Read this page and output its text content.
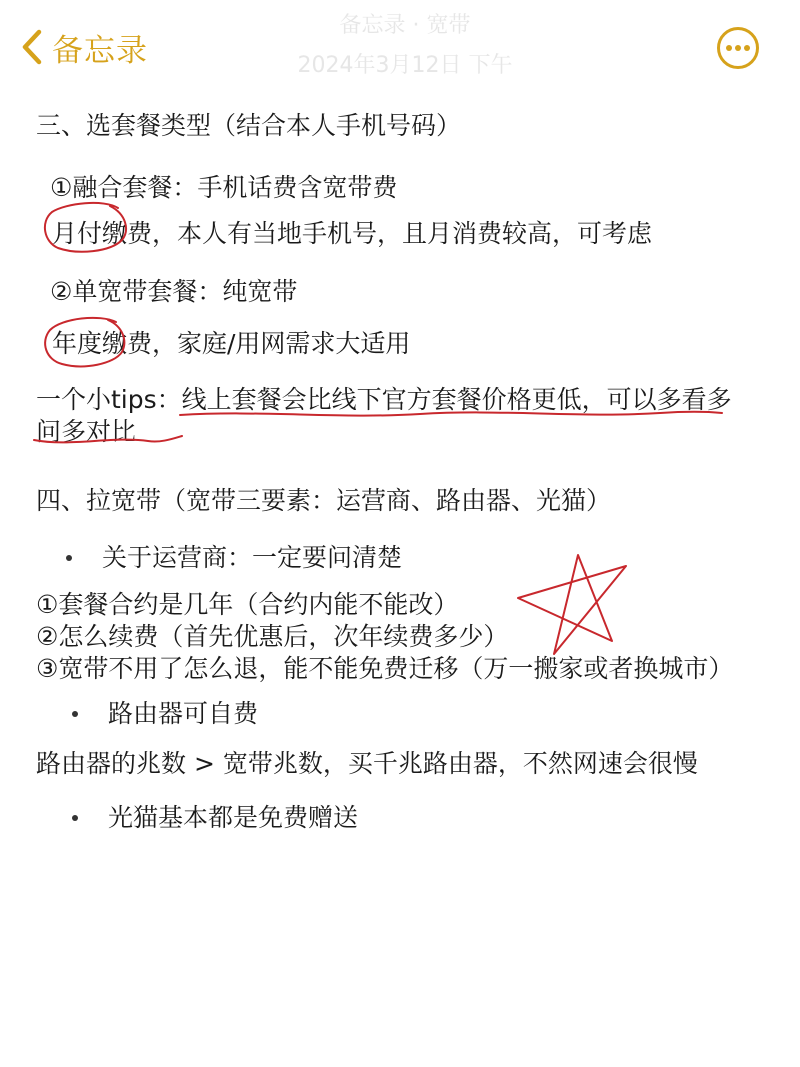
备忘录
备忘录 · 宽带
2024年3月12日 下午
三、选套餐类型（结合本人手机号码）
①融合套餐：手机话费含宽带费
月付缴费，本人有当地手机号，且月消费较高，可考虑
②单宽带套餐：纯宽带
年度缴费，家庭/用网需求大适用
一个小tips：线上套餐会比线下官方套餐价格更低，可以多看多
问多对比
四、拉宽带（宽带三要素：运营商、路由器、光猫）
关于运营商：一定要问清楚
①套餐合约是几年（合约内能不能改）
②怎么续费（首先优惠后，次年续费多少）
③宽带不用了怎么退，能不能免费迁移（万一搬家或者换城市）
路由器可自费
路由器的兆数 > 宽带兆数，买千兆路由器，不然网速会很慢
光猫基本都是免费赠送
